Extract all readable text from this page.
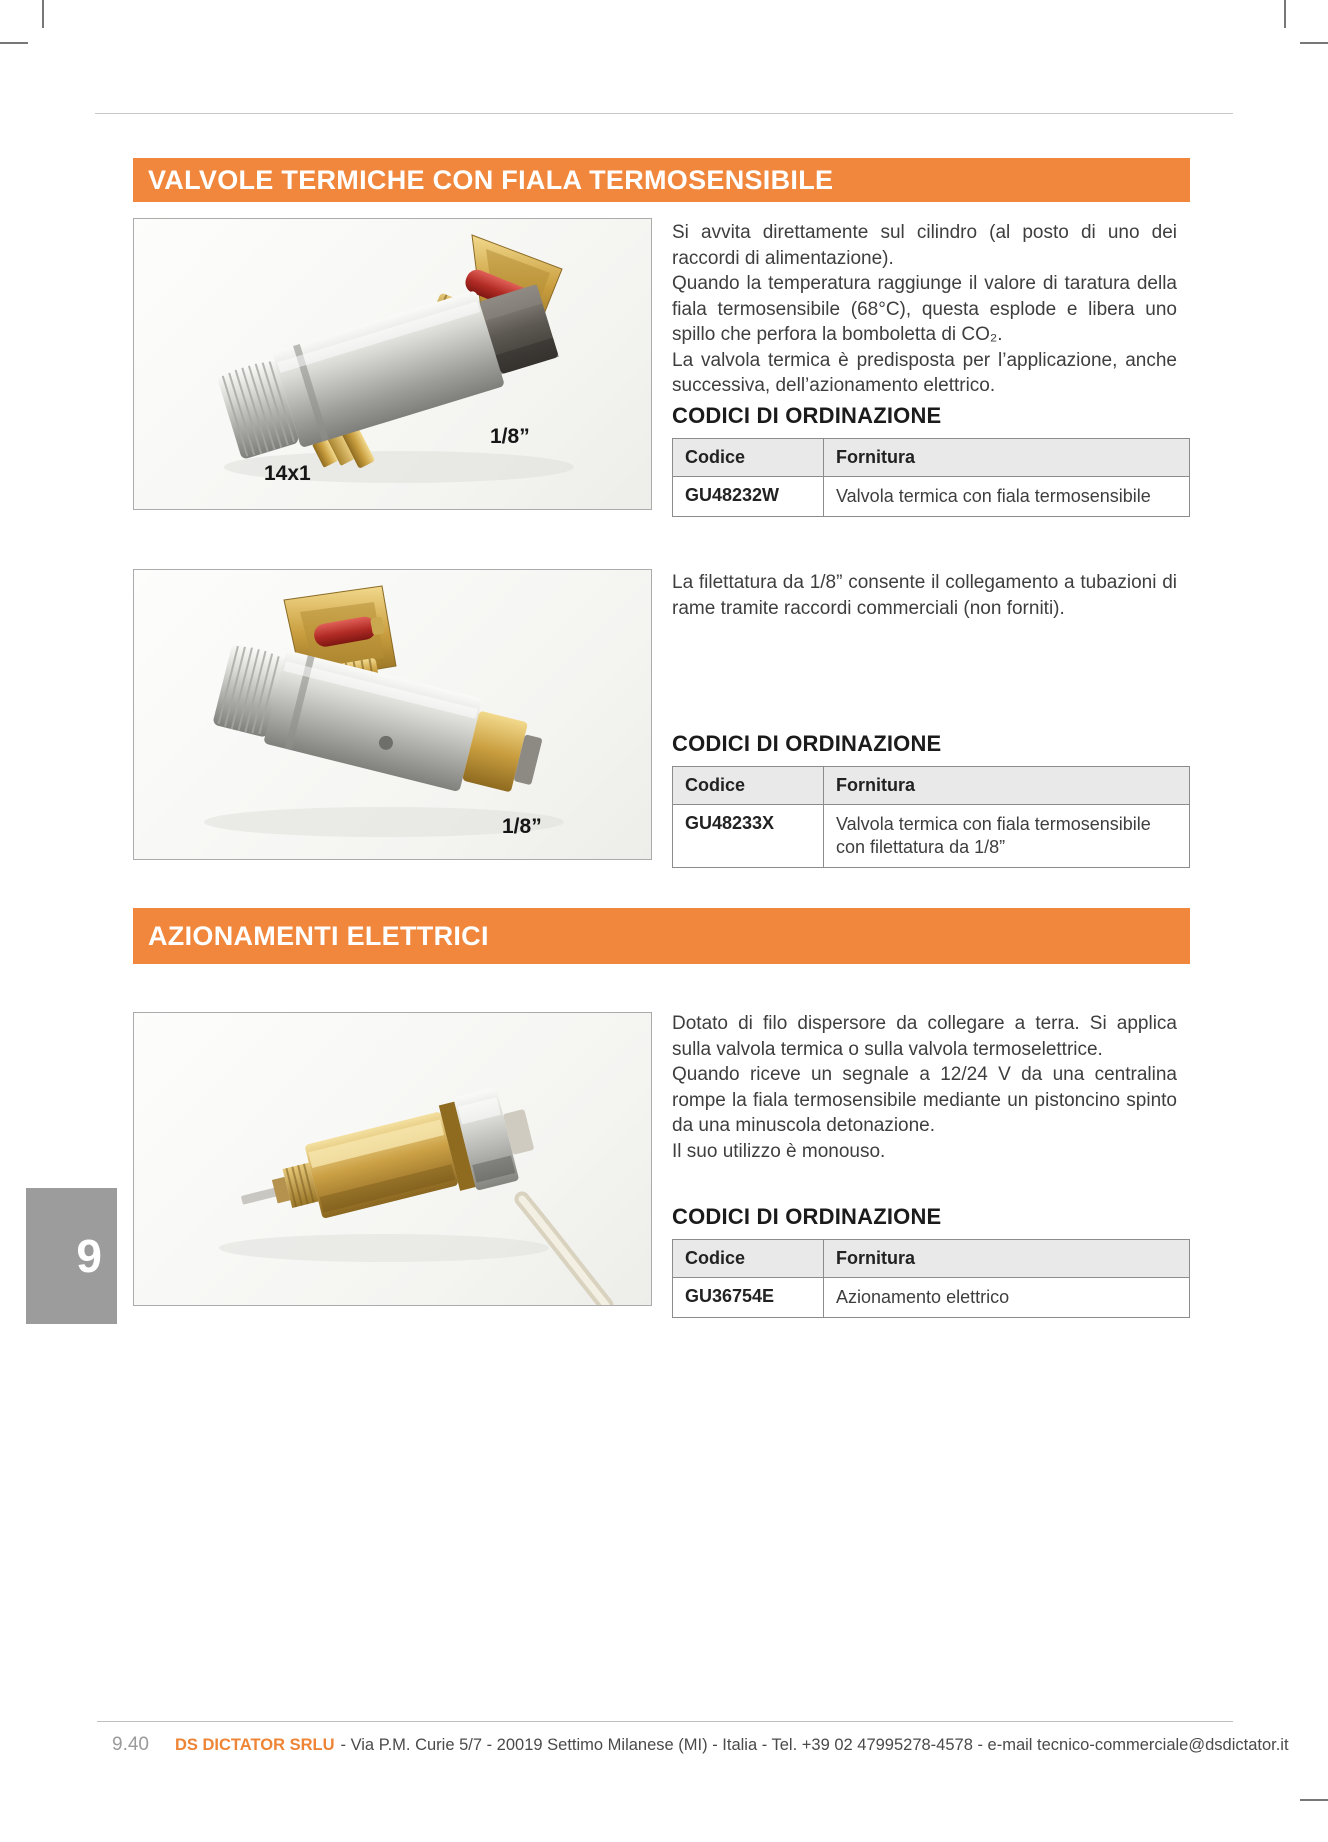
VALVOLE TERMICHE CON FIALA TERMOSENSIBILE
14x1
1/8”

Si avvita direttamente sul cilindro (al posto di uno dei raccordi di alimentazione).

Quando la temperatura raggiunge il valore di taratura della fiala termosensibile (68°C), questa esplode e libera uno spillo che perfora la bomboletta di CO₂.

La valvola termica è predisposta per l’applicazione, anche successiva, dell’azionamento elettrico.

CODICI DI ORDINAZIONE
Codice	Fornitura
GU48232W	Valvola termica con fiala termosensibile
1/8”

La filettatura da 1/8” consente il collegamento a tubazioni di rame tramite raccordi commerciali (non forniti).

CODICI DI ORDINAZIONE
Codice	Fornitura
GU48233X	Valvola termica con fiala termosensibile con filettatura da 1/8”
AZIONAMENTI ELETTRICI

Dotato di filo dispersore da collegare a terra. Si applica sulla valvola termica o sulla valvola termoselettrice.

Quando riceve un segnale a 12/24 V da una centralina rompe la fiala termosensibile mediante un pistoncino spinto da una minuscola detonazione.

Il suo utilizzo è monouso.

CODICI DI ORDINAZIONE
Codice	Fornitura
GU36754E	Azionamento elettrico
9
9.40 DS DICTATOR SRLU - Via P.M. Curie 5/7 - 20019 Settimo Milanese (MI) - Italia - Tel. +39 02 47995278-4578 - e-mail tecnico-commerciale@dsdictator.it
